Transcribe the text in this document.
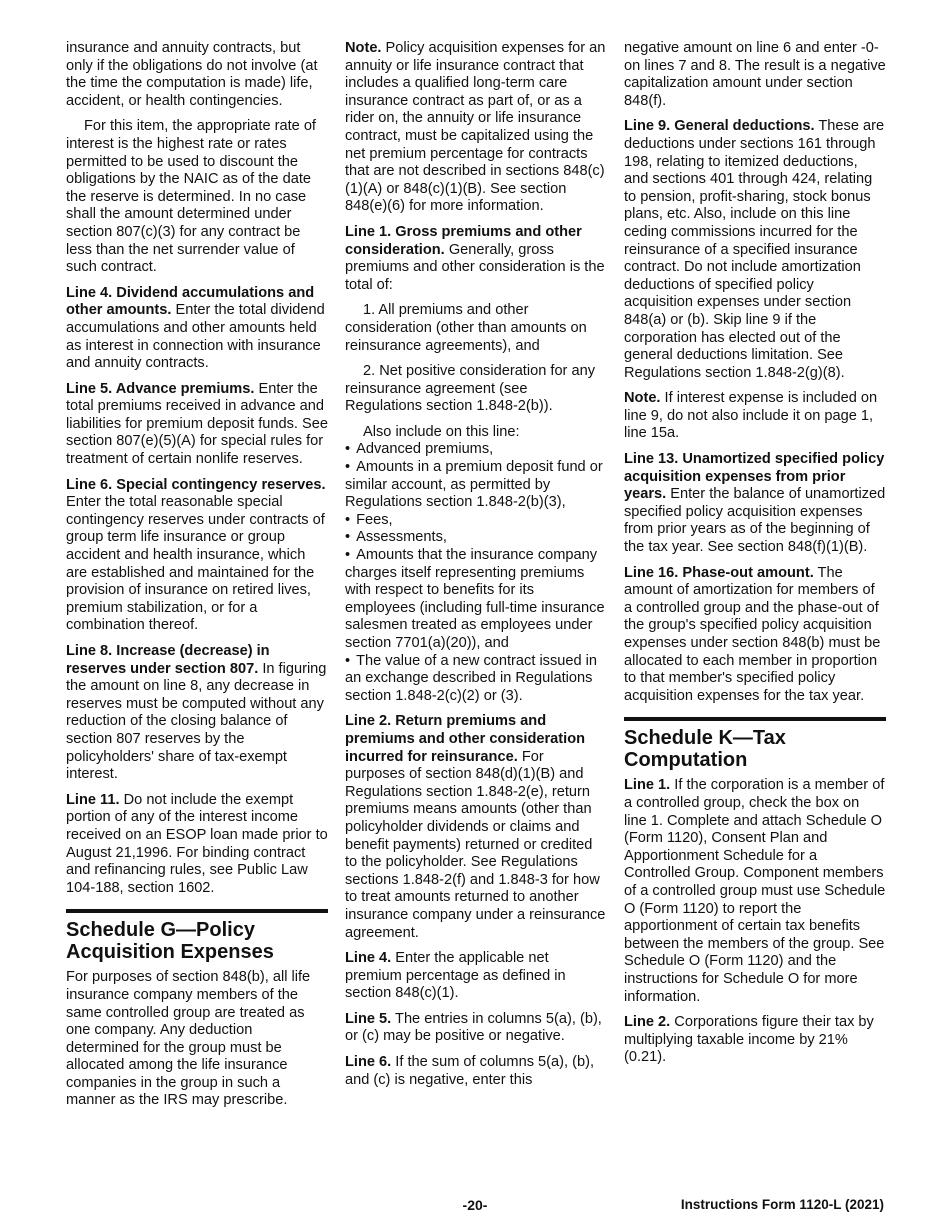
insurance and annuity contracts, but only if the obligations do not involve (at the time the computation is made) life, accident, or health contingencies.

For this item, the appropriate rate of interest is the highest rate or rates permitted to be used to discount the obligations by the NAIC as of the date the reserve is determined. In no case shall the amount determined under section 807(c)(3) for any contract be less than the net surrender value of such contract.

Line 4. Dividend accumulations and other amounts. Enter the total dividend accumulations and other amounts held as interest in connection with insurance and annuity contracts.

Line 5. Advance premiums. Enter the total premiums received in advance and liabilities for premium deposit funds. See section 807(e)(5)(A) for special rules for treatment of certain nonlife reserves.

Line 6. Special contingency reserves. Enter the total reasonable special contingency reserves under contracts of group term life insurance or group accident and health insurance, which are established and maintained for the provision of insurance on retired lives, premium stabilization, or for a combination thereof.

Line 8. Increase (decrease) in reserves under section 807. In figuring the amount on line 8, any decrease in reserves must be computed without any reduction of the closing balance of section 807 reserves by the policyholders' share of tax-exempt interest.

Line 11. Do not include the exempt portion of any of the interest income received on an ESOP loan made prior to August 21,1996. For binding contract and refinancing rules, see Public Law 104-188, section 1602.

Schedule G—Policy Acquisition Expenses

For purposes of section 848(b), all life insurance company members of the same controlled group are treated as one company. Any deduction determined for the group must be allocated among the life insurance companies in the group in such a manner as the IRS may prescribe.

Note. Policy acquisition expenses for an annuity or life insurance contract that includes a qualified long-term care insurance contract as part of, or as a rider on, the annuity or life insurance contract, must be capitalized using the net premium percentage for contracts that are not described in sections 848(c)(1)(A) or 848(c)(1)(B). See section 848(e)(6) for more information.

Line 1. Gross premiums and other consideration. Generally, gross premiums and other consideration is the total of:

1. All premiums and other consideration (other than amounts on reinsurance agreements), and

2. Net positive consideration for any reinsurance agreement (see Regulations section 1.848-2(b)).

Also include on this line:

• Advanced premiums,

• Amounts in a premium deposit fund or similar account, as permitted by Regulations section 1.848-2(b)(3),

• Fees,

• Assessments,

• Amounts that the insurance company charges itself representing premiums with respect to benefits for its employees (including full-time insurance salesmen treated as employees under section 7701(a)(20)), and

• The value of a new contract issued in an exchange described in Regulations section 1.848-2(c)(2) or (3).

Line 2. Return premiums and premiums and other consideration incurred for reinsurance. For purposes of section 848(d)(1)(B) and Regulations section 1.848-2(e), return premiums means amounts (other than policyholder dividends or claims and benefit payments) returned or credited to the policyholder. See Regulations sections 1.848-2(f) and 1.848-3 for how to treat amounts returned to another insurance company under a reinsurance agreement.

Line 4. Enter the applicable net premium percentage as defined in section 848(c)(1).

Line 5. The entries in columns 5(a), (b), or (c) may be positive or negative.

Line 6. If the sum of columns 5(a), (b), and (c) is negative, enter this

negative amount on line 6 and enter -0- on lines 7 and 8. The result is a negative capitalization amount under section 848(f).

Line 9. General deductions. These are deductions under sections 161 through 198, relating to itemized deductions, and sections 401 through 424, relating to pension, profit-sharing, stock bonus plans, etc. Also, include on this line ceding commissions incurred for the reinsurance of a specified insurance contract. Do not include amortization deductions of specified policy acquisition expenses under section 848(a) or (b). Skip line 9 if the corporation has elected out of the general deductions limitation. See Regulations section 1.848-2(g)(8).

Note. If interest expense is included on line 9, do not also include it on page 1, line 15a.

Line 13. Unamortized specified policy acquisition expenses from prior years. Enter the balance of unamortized specified policy acquisition expenses from prior years as of the beginning of the tax year. See section 848(f)(1)(B).

Line 16. Phase-out amount. The amount of amortization for members of a controlled group and the phase-out of the group's specified policy acquisition expenses under section 848(b) must be allocated to each member in proportion to that member's specified policy acquisition expenses for the tax year.

Schedule K—Tax Computation

Line 1. If the corporation is a member of a controlled group, check the box on line 1. Complete and attach Schedule O (Form 1120), Consent Plan and Apportionment Schedule for a Controlled Group. Component members of a controlled group must use Schedule O (Form 1120) to report the apportionment of certain tax benefits between the members of the group. See Schedule O (Form 1120) and the instructions for Schedule O for more information.

Line 2. Corporations figure their tax by multiplying taxable income by 21% (0.21).

-20-	Instructions Form 1120-L (2021)
